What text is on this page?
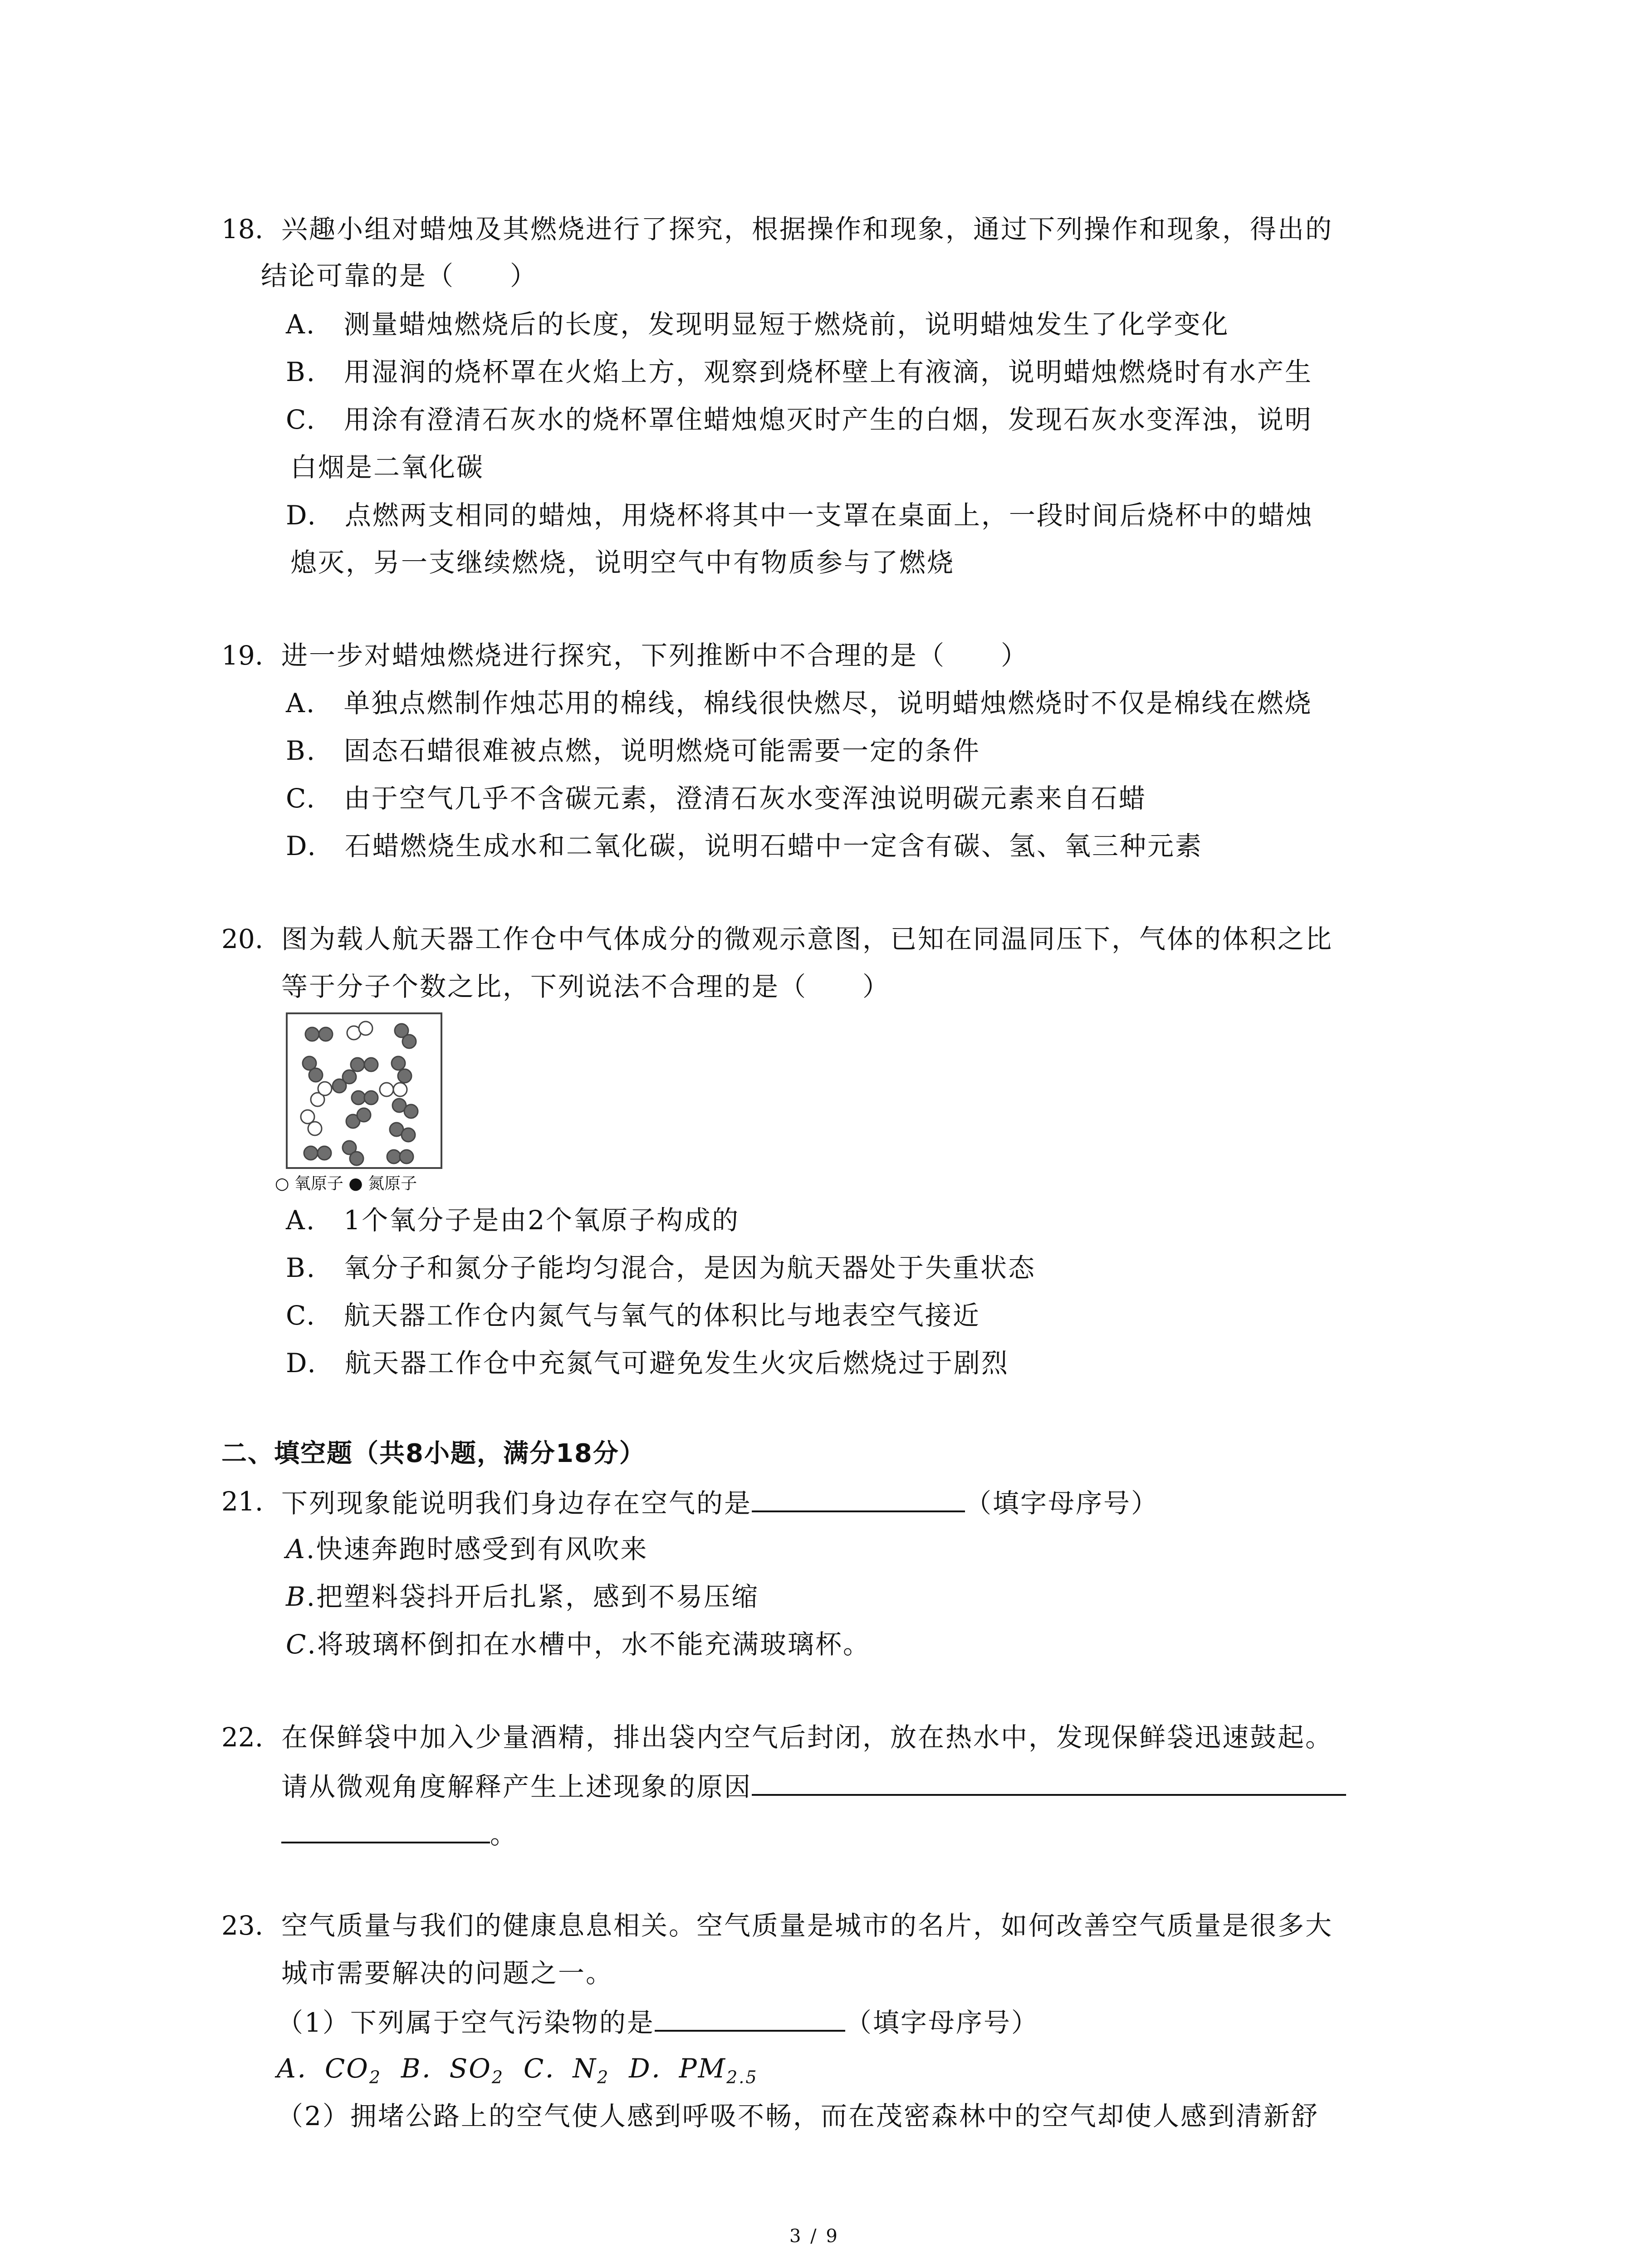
18. 兴趣小组对蜡烛及其燃烧进行了探究，根据操作和现象，通过下列操作和现象，得出的
结论可靠的是（　　）
A.　测量蜡烛燃烧后的长度，发现明显短于燃烧前，说明蜡烛发生了化学变化
B.　用湿润的烧杯罩在火焰上方，观察到烧杯壁上有液滴，说明蜡烛燃烧时有水产生
C.　用涂有澄清石灰水的烧杯罩住蜡烛熄灭时产生的白烟，发现石灰水变浑浊，说明
白烟是二氧化碳
D.　点燃两支相同的蜡烛，用烧杯将其中一支罩在桌面上，一段时间后烧杯中的蜡烛
熄灭，另一支继续燃烧，说明空气中有物质参与了燃烧
19. 进一步对蜡烛燃烧进行探究，下列推断中不合理的是（　　）
A.　单独点燃制作烛芯用的棉线，棉线很快燃尽，说明蜡烛燃烧时不仅是棉线在燃烧
B.　固态石蜡很难被点燃，说明燃烧可能需要一定的条件
C.　由于空气几乎不含碳元素，澄清石灰水变浑浊说明碳元素来自石蜡
D.　石蜡燃烧生成水和二氧化碳，说明石蜡中一定含有碳、氢、氧三种元素
20. 图为载人航天器工作仓中气体成分的微观示意图，已知在同温同压下，气体的体积之比
等于分子个数之比，下列说法不合理的是（　　）
○ 氧原子 ● 氮原子
A.　1个氧分子是由2个氧原子构成的
B.　氧分子和氮分子能均匀混合，是因为航天器处于失重状态
C.　航天器工作仓内氮气与氧气的体积比与地表空气接近
D.　航天器工作仓中充氮气可避免发生火灾后燃烧过于剧烈
二、填空题（共8小题，满分18分）
21. 下列现象能说明我们身边存在空气的是	（填字母序号）
A.快速奔跑时感受到有风吹来
B.把塑料袋抖开后扎紧，感到不易压缩
C.将玻璃杯倒扣在水槽中，水不能充满玻璃杯。
22. 在保鲜袋中加入少量酒精，排出袋内空气后封闭，放在热水中，发现保鲜袋迅速鼓起。
请从微观角度解释产生上述现象的原因
。
23. 空气质量与我们的健康息息相关。空气质量是城市的名片，如何改善空气质量是很多大
城市需要解决的问题之一。
（1）下列属于空气污染物的是	（填字母序号）
A．$CO_2$ B．$SO_2$ C．$N_2$ D．$PM_{2.5}$
（2）拥堵公路上的空气使人感到呼吸不畅，而在茂密森林中的空气却使人感到清新舒
3 / 9
